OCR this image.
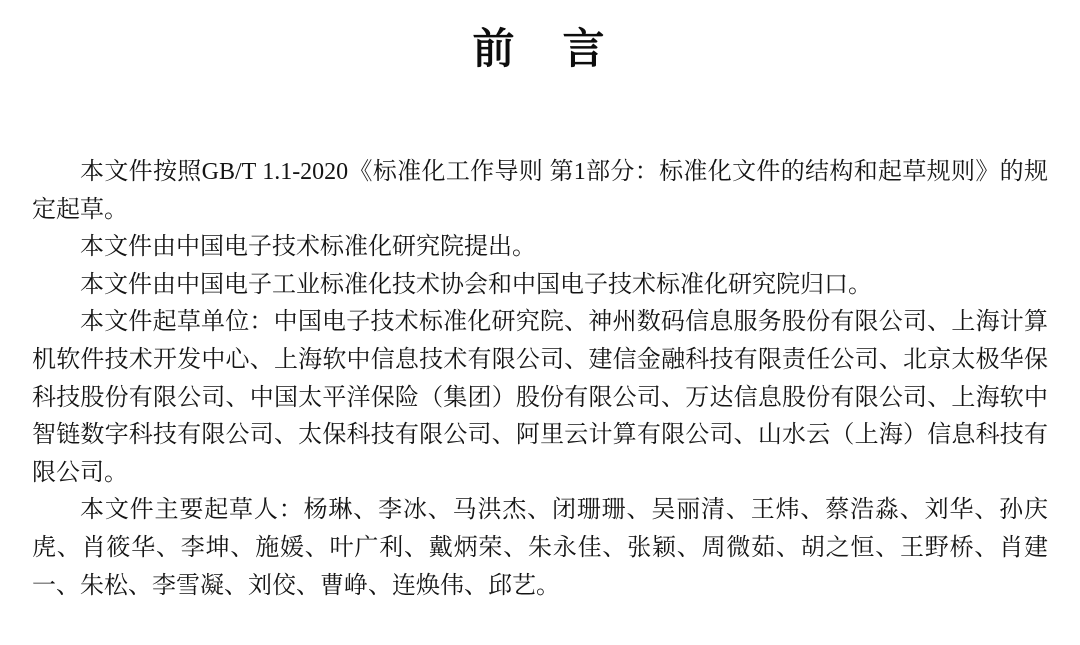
前　言

本文件按照GB/T 1.1-2020《标准化工作导则 第1部分：标准化文件的结构和起草规则》的规定起草。

本文件由中国电子技术标准化研究院提出。

本文件由中国电子工业标准化技术协会和中国电子技术标准化研究院归口。

本文件起草单位：中国电子技术标准化研究院、神州数码信息服务股份有限公司、上海计算机软件技术开发中心、上海软中信息技术有限公司、建信金融科技有限责任公司、北京太极华保科技股份有限公司、中国太平洋保险（集团）股份有限公司、万达信息股份有限公司、上海软中智链数字科技有限公司、太保科技有限公司、阿里云计算有限公司、山水云（上海）信息科技有限公司。

本文件主要起草人：杨琳、李冰、马洪杰、闭珊珊、吴丽清、王炜、蔡浩淼、刘华、孙庆虎、肖筱华、李坤、施媛、叶广利、戴炳荣、朱永佳、张颖、周微茹、胡之恒、王野桥、肖建一、朱松、李雪凝、刘佼、曹峥、连焕伟、邱艺。
